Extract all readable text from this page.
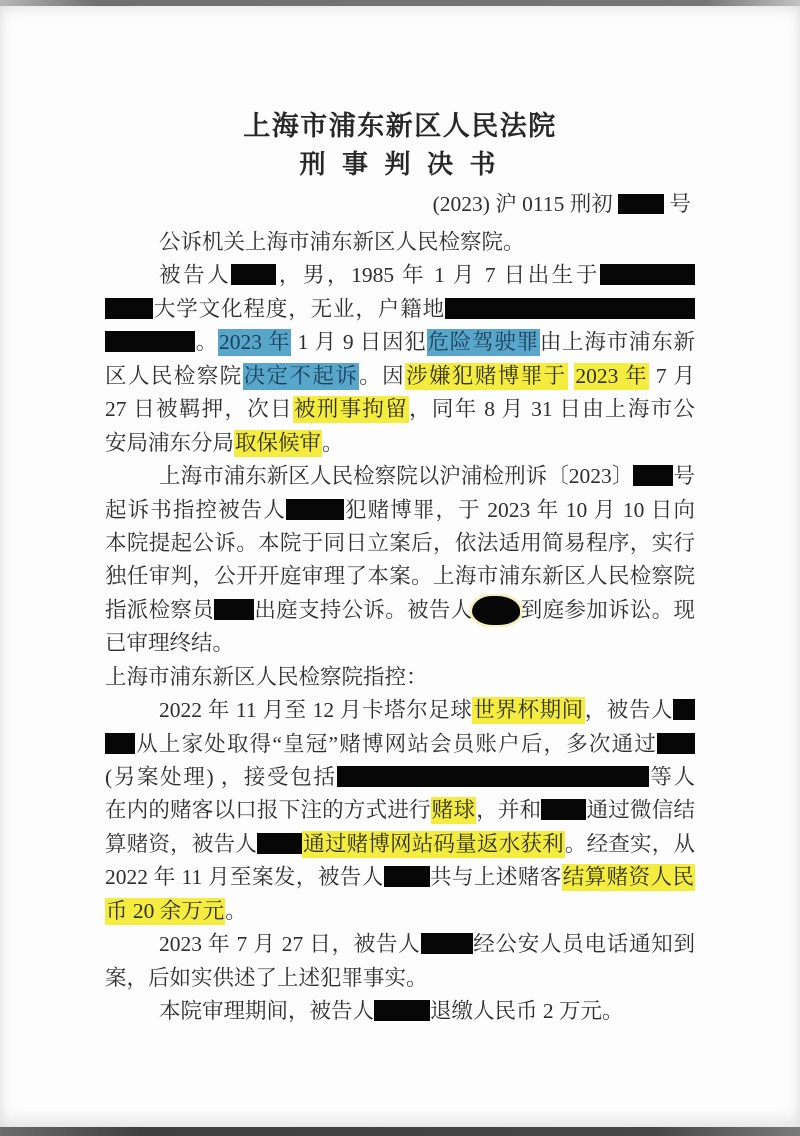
上海市浦东新区人民法院
刑 事 判 决 书
(2023) 沪 0115 刑初  号
公诉机关上海市浦东新区人民检察院。
被告人 ，男，1985 年 1 月 7 日出生于
大学文化程度，无业，户籍地
。2023 年 1 月 9 日因犯危险驾驶罪由上海市浦东新
区人民检察院决定不起诉。因涉嫌犯赌博罪于 2023 年 7 月
27 日被羁押，次日被刑事拘留，同年 8 月 31 日由上海市公
安局浦东分局取保候审。
上海市浦东新区人民检察院以沪浦检刑诉〔2023〕 号
起诉书指控被告人	犯赌博罪，于 2023 年 10 月 10 日向
本院提起公诉。本院于同日立案后，依法适用简易程序，实行
独任审判，公开开庭审理了本案。上海市浦东新区人民检察院
指派检察员 出庭支持公诉。被告人 到庭参加诉讼。现
已审理终结。
上海市浦东新区人民检察院指控：
2022 年 11 月至 12 月卡塔尔足球世界杯期间，被告人
从上家处取得“皇冠”赌博网站会员账户后，多次通过
(另案处理) ，接受包括	等人
在内的赌客以口报下注的方式进行赌球，并和 通过微信结
算赌资，被告人 通过赌博网站码量返水获利。经查实，从
2022 年 11 月至案发，被告人 共与上述赌客结算赌资人民
币 20 余万元。
2023 年 7 月 27 日，被告人 经公安人员电话通知到
案，后如实供述了上述犯罪事实。
本院审理期间，被告人	退缴人民币 2 万元。
